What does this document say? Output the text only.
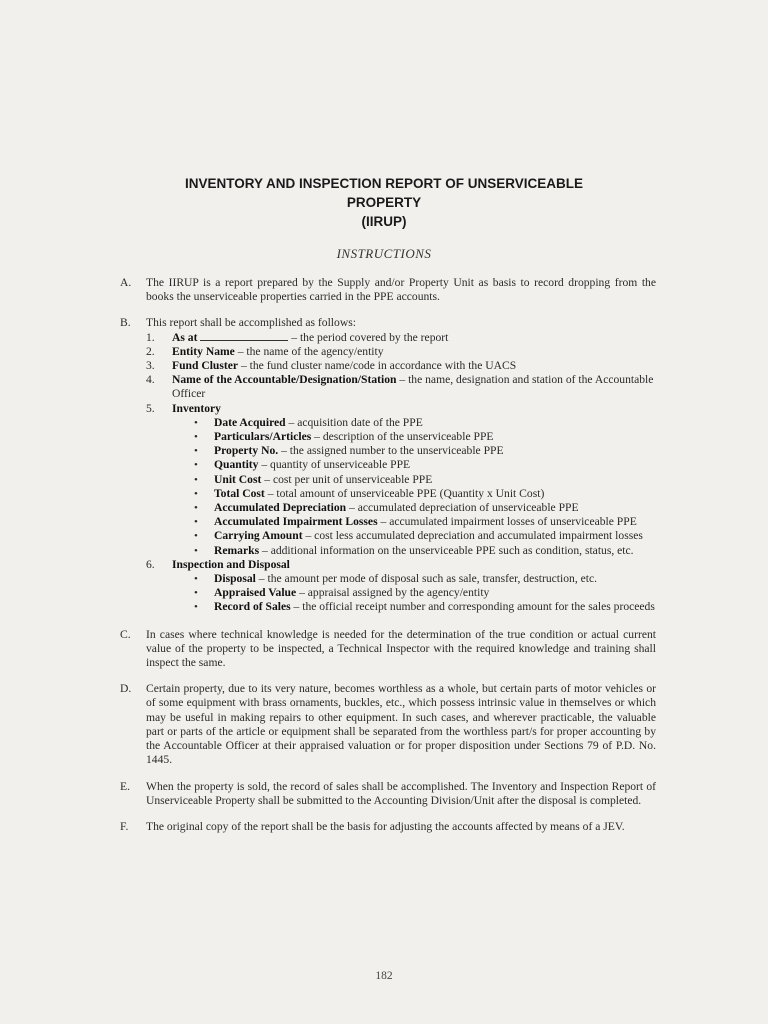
INVENTORY AND INSPECTION REPORT OF UNSERVICEABLE
PROPERTY
(IIRUP)
INSTRUCTIONS
A. The IIRUP is a report prepared by the Supply and/or Property Unit as basis to record dropping from the books the unserviceable properties carried in the PPE accounts.
B. This report shall be accomplished as follows:
1. As at	– the period covered by the report
2. Entity Name – the name of the agency/entity
3. Fund Cluster – the fund cluster name/code in accordance with the UACS
4. Name of the Accountable/Designation/Station – the name, designation and station of the Accountable Officer
5. Inventory
• Date Acquired – acquisition date of the PPE
• Particulars/Articles – description of the unserviceable PPE
• Property No. – the assigned number to the unserviceable PPE
• Quantity – quantity of unserviceable PPE
• Unit Cost – cost per unit of unserviceable PPE
• Total Cost – total amount of unserviceable PPE (Quantity x Unit Cost)
• Accumulated Depreciation – accumulated depreciation of unserviceable PPE
• Accumulated Impairment Losses – accumulated impairment losses of unserviceable PPE
• Carrying Amount – cost less accumulated depreciation and accumulated impairment losses
• Remarks – additional information on the unserviceable PPE such as condition, status, etc.
6. Inspection and Disposal
• Disposal – the amount per mode of disposal such as sale, transfer, destruction, etc.
• Appraised Value – appraisal assigned by the agency/entity
• Record of Sales – the official receipt number and corresponding amount for the sales proceeds
C. In cases where technical knowledge is needed for the determination of the true condition or actual current value of the property to be inspected, a Technical Inspector with the required knowledge and training shall inspect the same.
D. Certain property, due to its very nature, becomes worthless as a whole, but certain parts of motor vehicles or of some equipment with brass ornaments, buckles, etc., which possess intrinsic value in themselves or which may be useful in making repairs to other equipment. In such cases, and wherever practicable, the valuable part or parts of the article or equipment shall be separated from the worthless part/s for proper accounting by the Accountable Officer at their appraised valuation or for proper disposition under Sections 79 of P.D. No. 1445.
E. When the property is sold, the record of sales shall be accomplished. The Inventory and Inspection Report of Unserviceable Property shall be submitted to the Accounting Division/Unit after the disposal is completed.
F. The original copy of the report shall be the basis for adjusting the accounts affected by means of a JEV.
182
